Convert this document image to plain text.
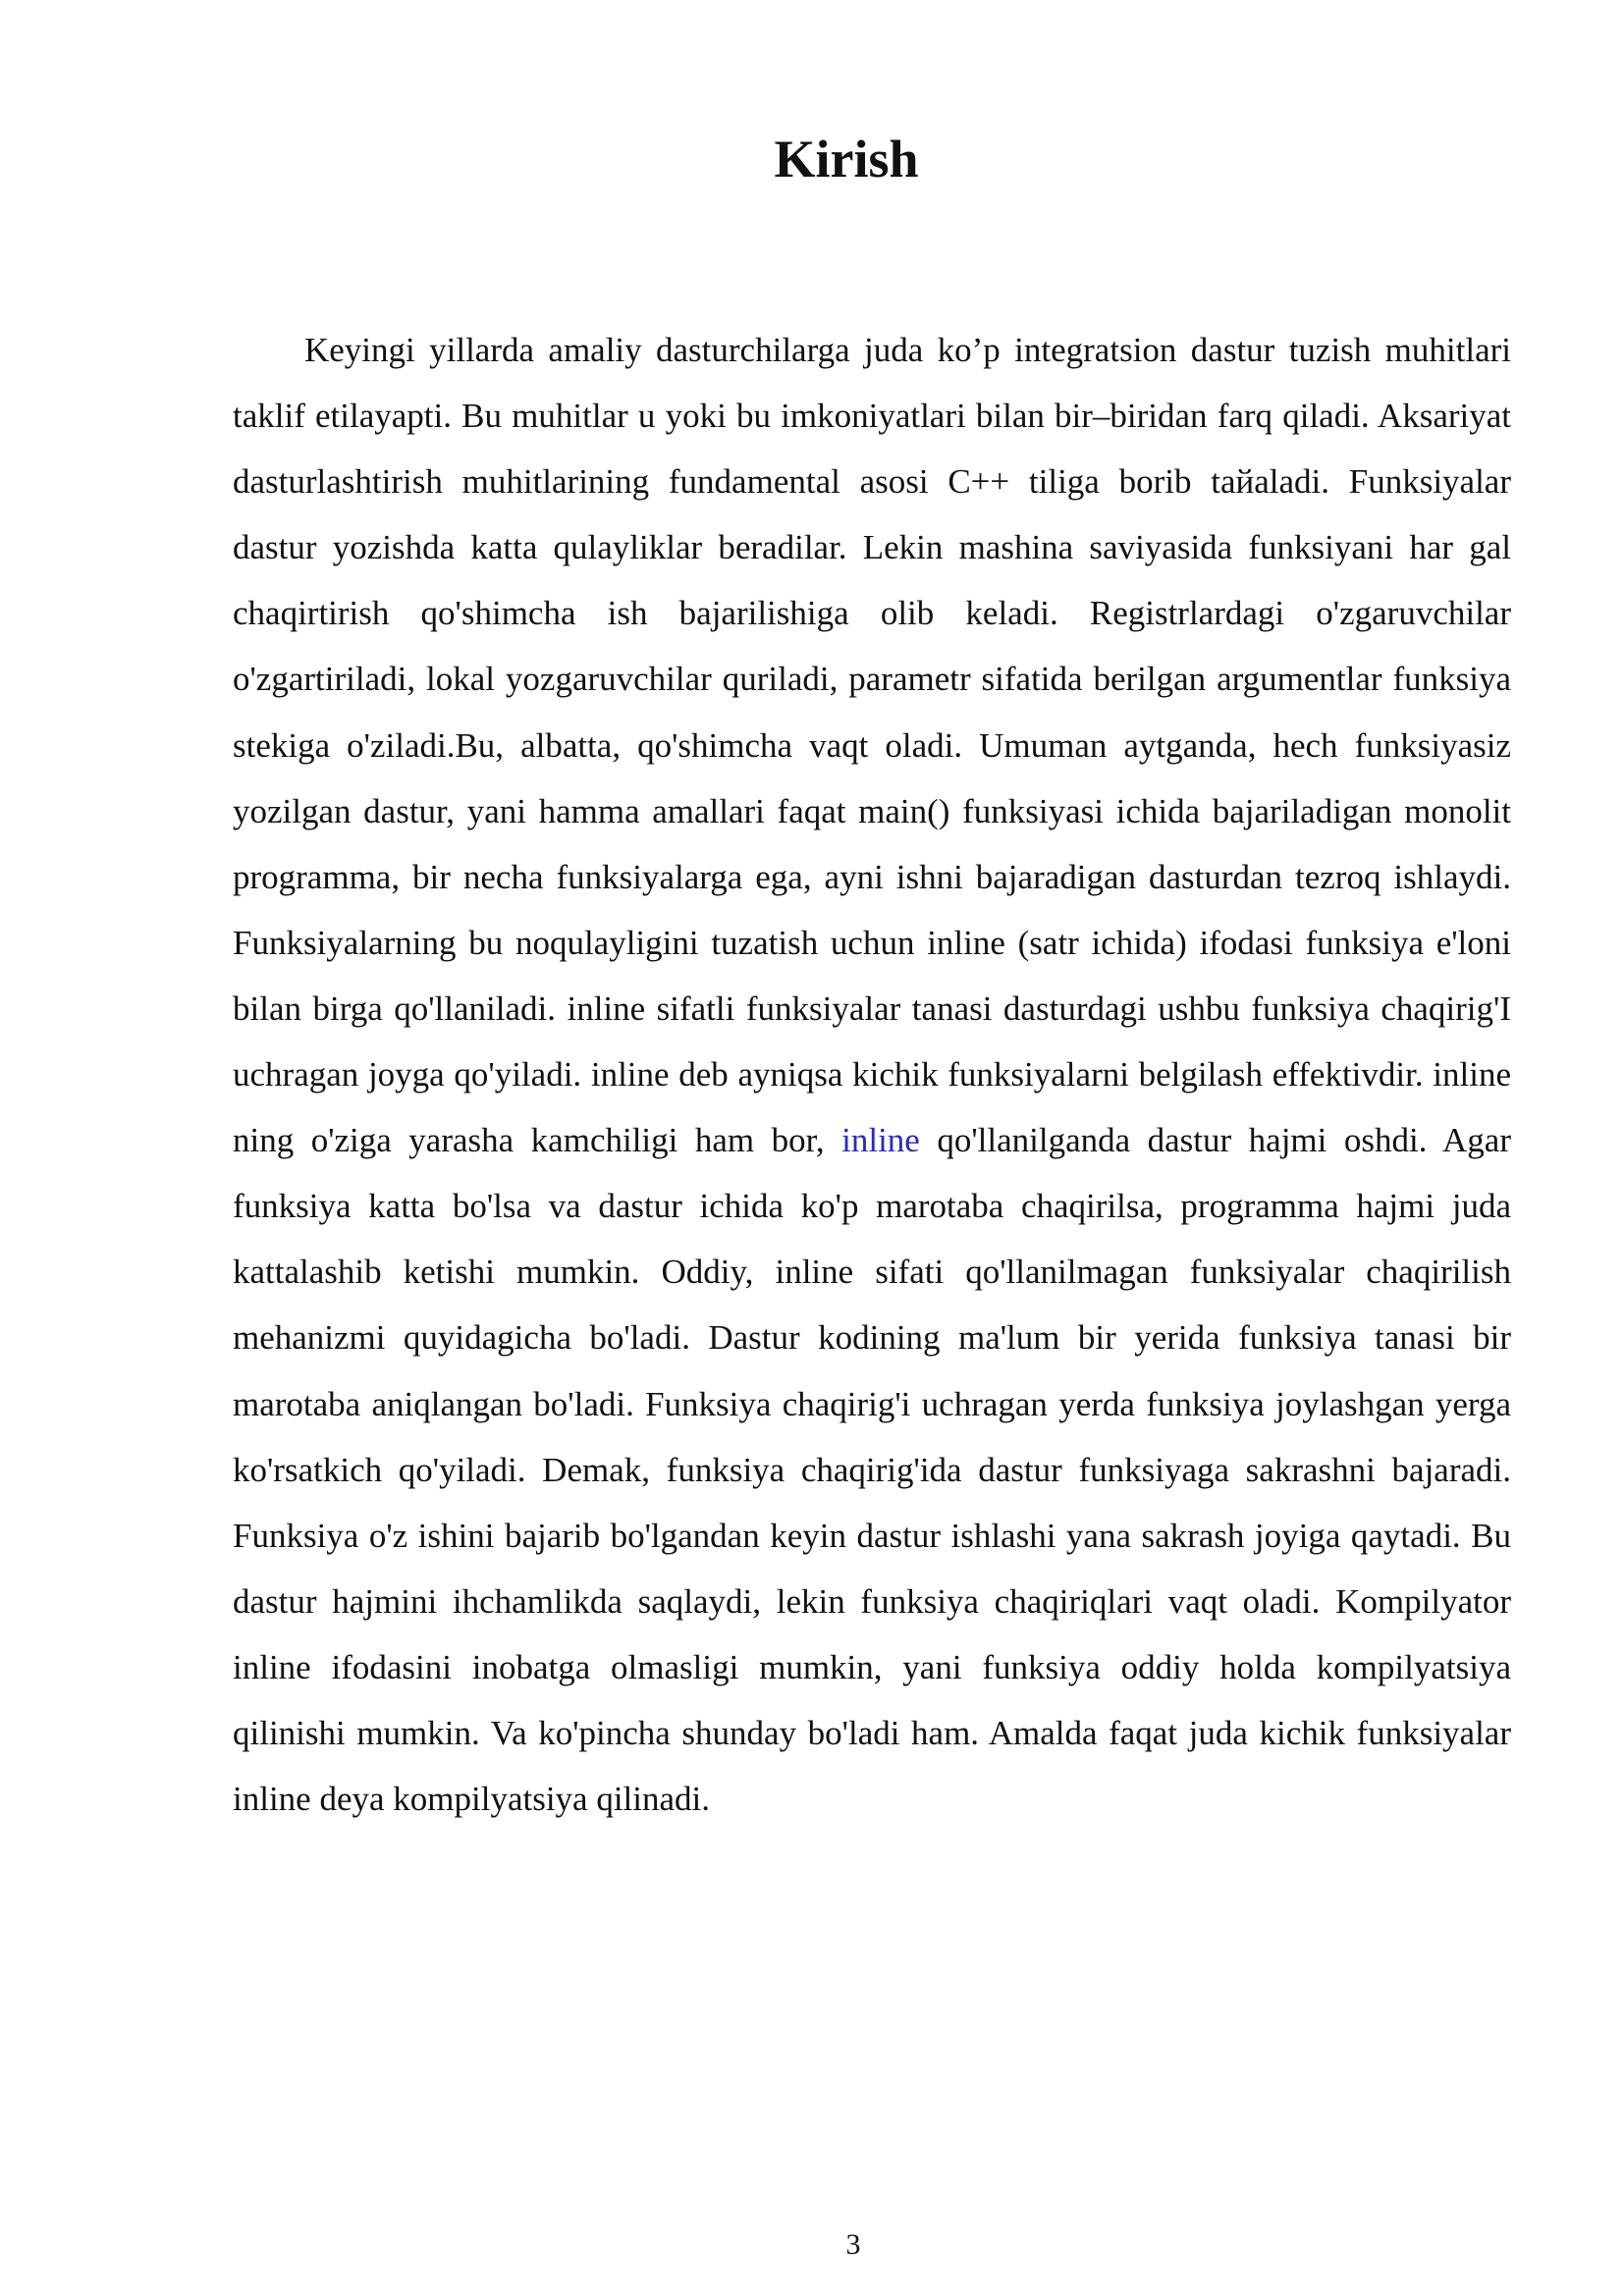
Kirish

Keyingi yillarda amaliy dasturchilarga juda ko’p integratsion dastur tuzish muhitlari taklif etilayapti. Bu muhitlar u yoki bu imkoniyatlari bilan bir–biridan farq qiladi. Aksariyat dasturlashtirish muhitlarining fundamental asosi C++ tiliga borib taйaladi. Funksiyalar dastur yozishda katta qulayliklar beradilar. Lekin mashina saviyasida funksiyani har gal chaqirtirish qo'shimcha ish bajarilishiga olib keladi. Registrlardagi o'zgaruvchilar o'zgartiriladi, lokal yozgaruvchilar quriladi, parametr sifatida berilgan argumentlar funksiya stekiga o'ziladi.Bu, albatta, qo'shimcha vaqt oladi. Umuman aytganda, hech funksiyasiz yozilgan dastur, yani hamma amallari faqat main() funksiyasi ichida bajariladigan monolit programma, bir necha funksiyalarga ega, ayni ishni bajaradigan dasturdan tezroq ishlaydi. Funksiyalarning bu noqulayligini tuzatish uchun inline (satr ichida) ifodasi funksiya e'loni bilan birga qo'llaniladi. inline sifatli funksiyalar tanasi dasturdagi ushbu funksiya chaqirig'I uchragan joyga qo'yiladi. inline deb ayniqsa kichik funksiyalarni belgilash effektivdir. inline ning o'ziga yarasha kamchiligi ham bor, inline qo'llanilganda dastur hajmi oshdi. Agar funksiya katta bo'lsa va dastur ichida ko'p marotaba chaqirilsa, programma hajmi juda kattalashib ketishi mumkin. Oddiy, inline sifati qo'llanilmagan funksiyalar chaqirilish mehanizmi quyidagicha bo'ladi. Dastur kodining ma'lum bir yerida funksiya tanasi bir marotaba aniqlangan bo'ladi. Funksiya chaqirig'i uchragan yerda funksiya joylashgan yerga ko'rsatkich qo'yiladi. Demak, funksiya chaqirig'ida dastur funksiyaga sakrashni bajaradi. Funksiya o'z ishini bajarib bo'lgandan keyin dastur ishlashi yana sakrash joyiga qaytadi. Bu dastur hajmini ihchamlikda saqlaydi, lekin funksiya chaqiriqlari vaqt oladi. Kompilyator inline ifodasini inobatga olmasligi mumkin, yani funksiya oddiy holda kompilyatsiya qilinishi mumkin. Va ko'pincha shunday bo'ladi ham. Amalda faqat juda kichik funksiyalar inline deya kompilyatsiya qilinadi.

3
